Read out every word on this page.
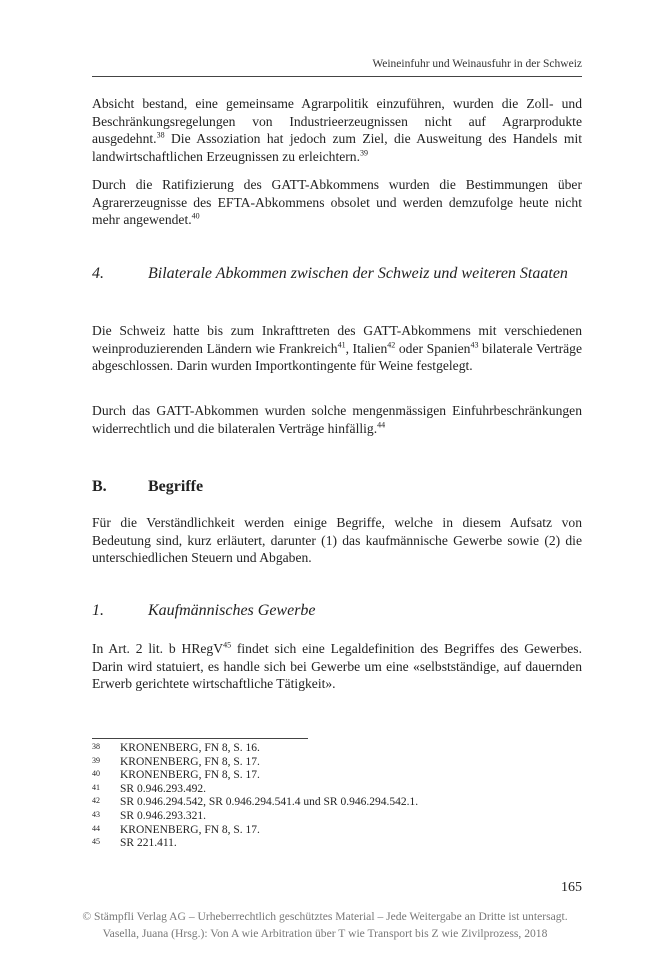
Weineinfuhr und Weinausfuhr in der Schweiz

Absicht bestand, eine gemeinsame Agrarpolitik einzuführen, wurden die Zoll- und Beschränkungsregelungen von Industrieerzeugnissen nicht auf Agrarprodukte ausgedehnt.$^{38}$ Die Assoziation hat jedoch zum Ziel, die Ausweitung des Handels mit landwirtschaftlichen Erzeugnissen zu erleichtern.$^{39}$

Durch die Ratifizierung des GATT-Abkommens wurden die Bestimmungen über Agrarerzeugnisse des EFTA-Abkommens obsolet und werden demzufolge heute nicht mehr angewendet.$^{40}$

4.	Bilaterale Abkommen zwischen der Schweiz und weiteren Staaten

Die Schweiz hatte bis zum Inkrafttreten des GATT-Abkommens mit verschiedenen weinproduzierenden Ländern wie Frankreich$^{41}$, Italien$^{42}$ oder Spanien$^{43}$ bilaterale Verträge abgeschlossen. Darin wurden Importkontingente für Weine festgelegt.

Durch das GATT-Abkommen wurden solche mengenmässigen Einfuhrbeschränkungen widerrechtlich und die bilateralen Verträge hinfällig.$^{44}$

B.	Begriffe

Für die Verständlichkeit werden einige Begriffe, welche in diesem Aufsatz von Bedeutung sind, kurz erläutert, darunter (1) das kaufmännische Gewerbe sowie (2) die unterschiedlichen Steuern und Abgaben.

1.	Kaufmännisches Gewerbe

In Art. 2 lit. b HRegV$^{45}$ findet sich eine Legaldefinition des Begriffes des Gewerbes. Darin wird statuiert, es handle sich bei Gewerbe um eine «selbstständige, auf dauernden Erwerb gerichtete wirtschaftliche Tätigkeit».

38 KRONENBERG, FN 8, S. 16.
39 KRONENBERG, FN 8, S. 17.
40 KRONENBERG, FN 8, S. 17.
41 SR 0.946.293.492.
42 SR 0.946.294.542, SR 0.946.294.541.4 und SR 0.946.294.542.1.
43 SR 0.946.293.321.
44 KRONENBERG, FN 8, S. 17.
45 SR 221.411.
165
© Stämpfli Verlag AG – Urheberrechtlich geschütztes Material – Jede Weitergabe an Dritte ist untersagt.
Vasella, Juana (Hrsg.): Von A wie Arbitration über T wie Transport bis Z wie Zivilprozess, 2018
